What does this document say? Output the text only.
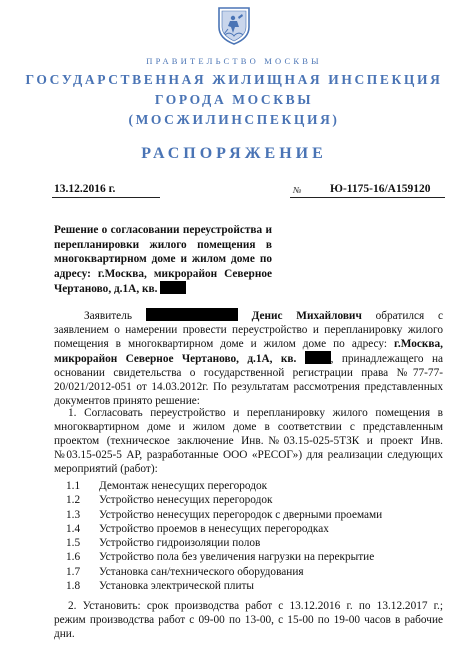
ПРАВИТЕЛЬСТВО МОСКВЫ
ГОСУДАРСТВЕННАЯ ЖИЛИЩНАЯ ИНСПЕКЦИЯ
ГОРОДА МОСКВЫ
(МОСЖИЛИНСПЕКЦИЯ)
РАСПОРЯЖЕНИЕ
13.12.2016 г.	№ Ю-1175-16/А159120
Решение о согласовании переустройства и перепланировки жилого помещения в многоквартирном доме и жилом доме по адресу: г.Москва, микрорайон Северное Чертаново, д.1А, кв.
Заявитель	Денис Михайлович обратился с заявлением о намерении провести переустройство и перепланировку жилого помещения в многоквартирном доме и жилом доме по адресу: г.Москва, микрорайон Северное Чертаново, д.1А, кв.	, принадлежащего на основании свидетельства о государственной регистрации права №77-77-20/021/2012-051 от 14.03.2012г. По результатам рассмотрения представленных документов принято решение:
1. Согласовать переустройство и перепланировку жилого помещения в многоквартирном доме и жилом доме в соответствии с представленным проектом (техническое заключение Инв.№03.15-025-5ТЗК и проект Инв.№03.15-025-5 АР, разработанные ООО «РЕСОГ») для реализации следующих мероприятий (работ):
1.1 Демонтаж ненесущих перегородок
1.2 Устройство ненесущих перегородок
1.3 Устройство ненесущих перегородок с дверными проемами
1.4 Устройство проемов в ненесущих перегородках
1.5 Устройство гидроизоляции полов
1.6 Устройство пола без увеличения нагрузки на перекрытие
1.7 Установка сан/технического оборудования
1.8 Установка электрической плиты
2. Установить: срок производства работ с 13.12.2016 г. по 13.12.2017 г.; режим производства работ с 09-00 по 13-00, с 15-00 по 19-00 часов в рабочие дни.
